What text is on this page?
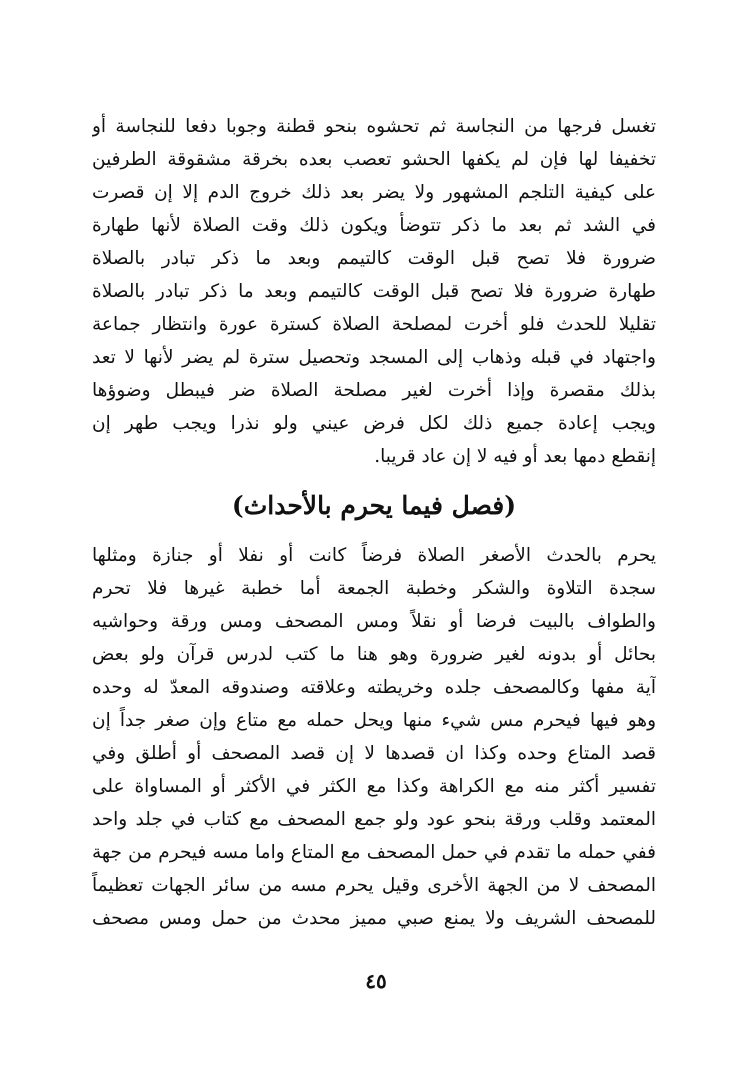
تغسل فرجها من النجاسة ثم تحشوه بنحو قطنة وجوبا دفعا للنجاسة أو
تخفيفا لها فإن لم يكفها الحشو تعصب بعده بخرقة مشقوقة الطرفين
على كيفية التلجم المشهور ولا يضر بعد ذلك خروج الدم إلا إن قصرت
في الشد ثم بعد ما ذكر تتوضأ ويكون ذلك وقت الصلاة لأنها طهارة
ضرورة فلا تصح قبل الوقت كالتيمم وبعد ما ذكر تبادر بالصلاة
طهارة ضرورة فلا تصح قبل الوقت كالتيمم وبعد ما ذكر تبادر بالصلاة
تقليلا للحدث فلو أخرت لمصلحة الصلاة كسترة عورة وانتظار جماعة
واجتهاد في قبله وذهاب إلى المسجد وتحصيل سترة لم يضر لأنها لا تعد
بذلك مقصرة وإذا أخرت لغير مصلحة الصلاة ضر فيبطل وضوؤها
ويجب إعادة جميع ذلك لكل فرض عيني ولو نذرا ويجب طهر إن
إنقطع دمها بعد أو فيه لا إن عاد قريبا.
(فصل فيما يحرم بالأحداث)
يحرم بالحدث الأصغر الصلاة فرضاً كانت أو نفلا أو جنازة ومثلها
سجدة التلاوة والشكر وخطبة الجمعة أما خطبة غيرها فلا تحرم
والطواف بالبيت فرضا أو نقلاً ومس المصحف ومس ورقة وحواشيه
بحائل أو بدونه لغير ضرورة وهو هنا ما كتب لدرس قرآن ولو بعض
آية مفها وكالمصحف جلده وخريطته وعلاقته وصندوقه المعدّ له وحده
وهو فيها فيحرم مس شيء منها ويحل حمله مع متاع وإن صغر جداً إن
قصد المتاع وحده وكذا ان قصدها لا إن قصد المصحف أو أطلق وفي
تفسير أكثر منه مع الكراهة وكذا مع الكثر في الأكثر أو المساواة على
المعتمد وقلب ورقة بنحو عود ولو جمع المصحف مع كتاب في جلد واحد
ففي حمله ما تقدم في حمل المصحف مع المتاع واما مسه فيحرم من جهة
المصحف لا من الجهة الأخرى وقيل يحرم مسه من سائر الجهات تعظيماً
للمصحف الشريف ولا يمنع صبي مميز محدث من حمل ومس مصحف
٤٥
